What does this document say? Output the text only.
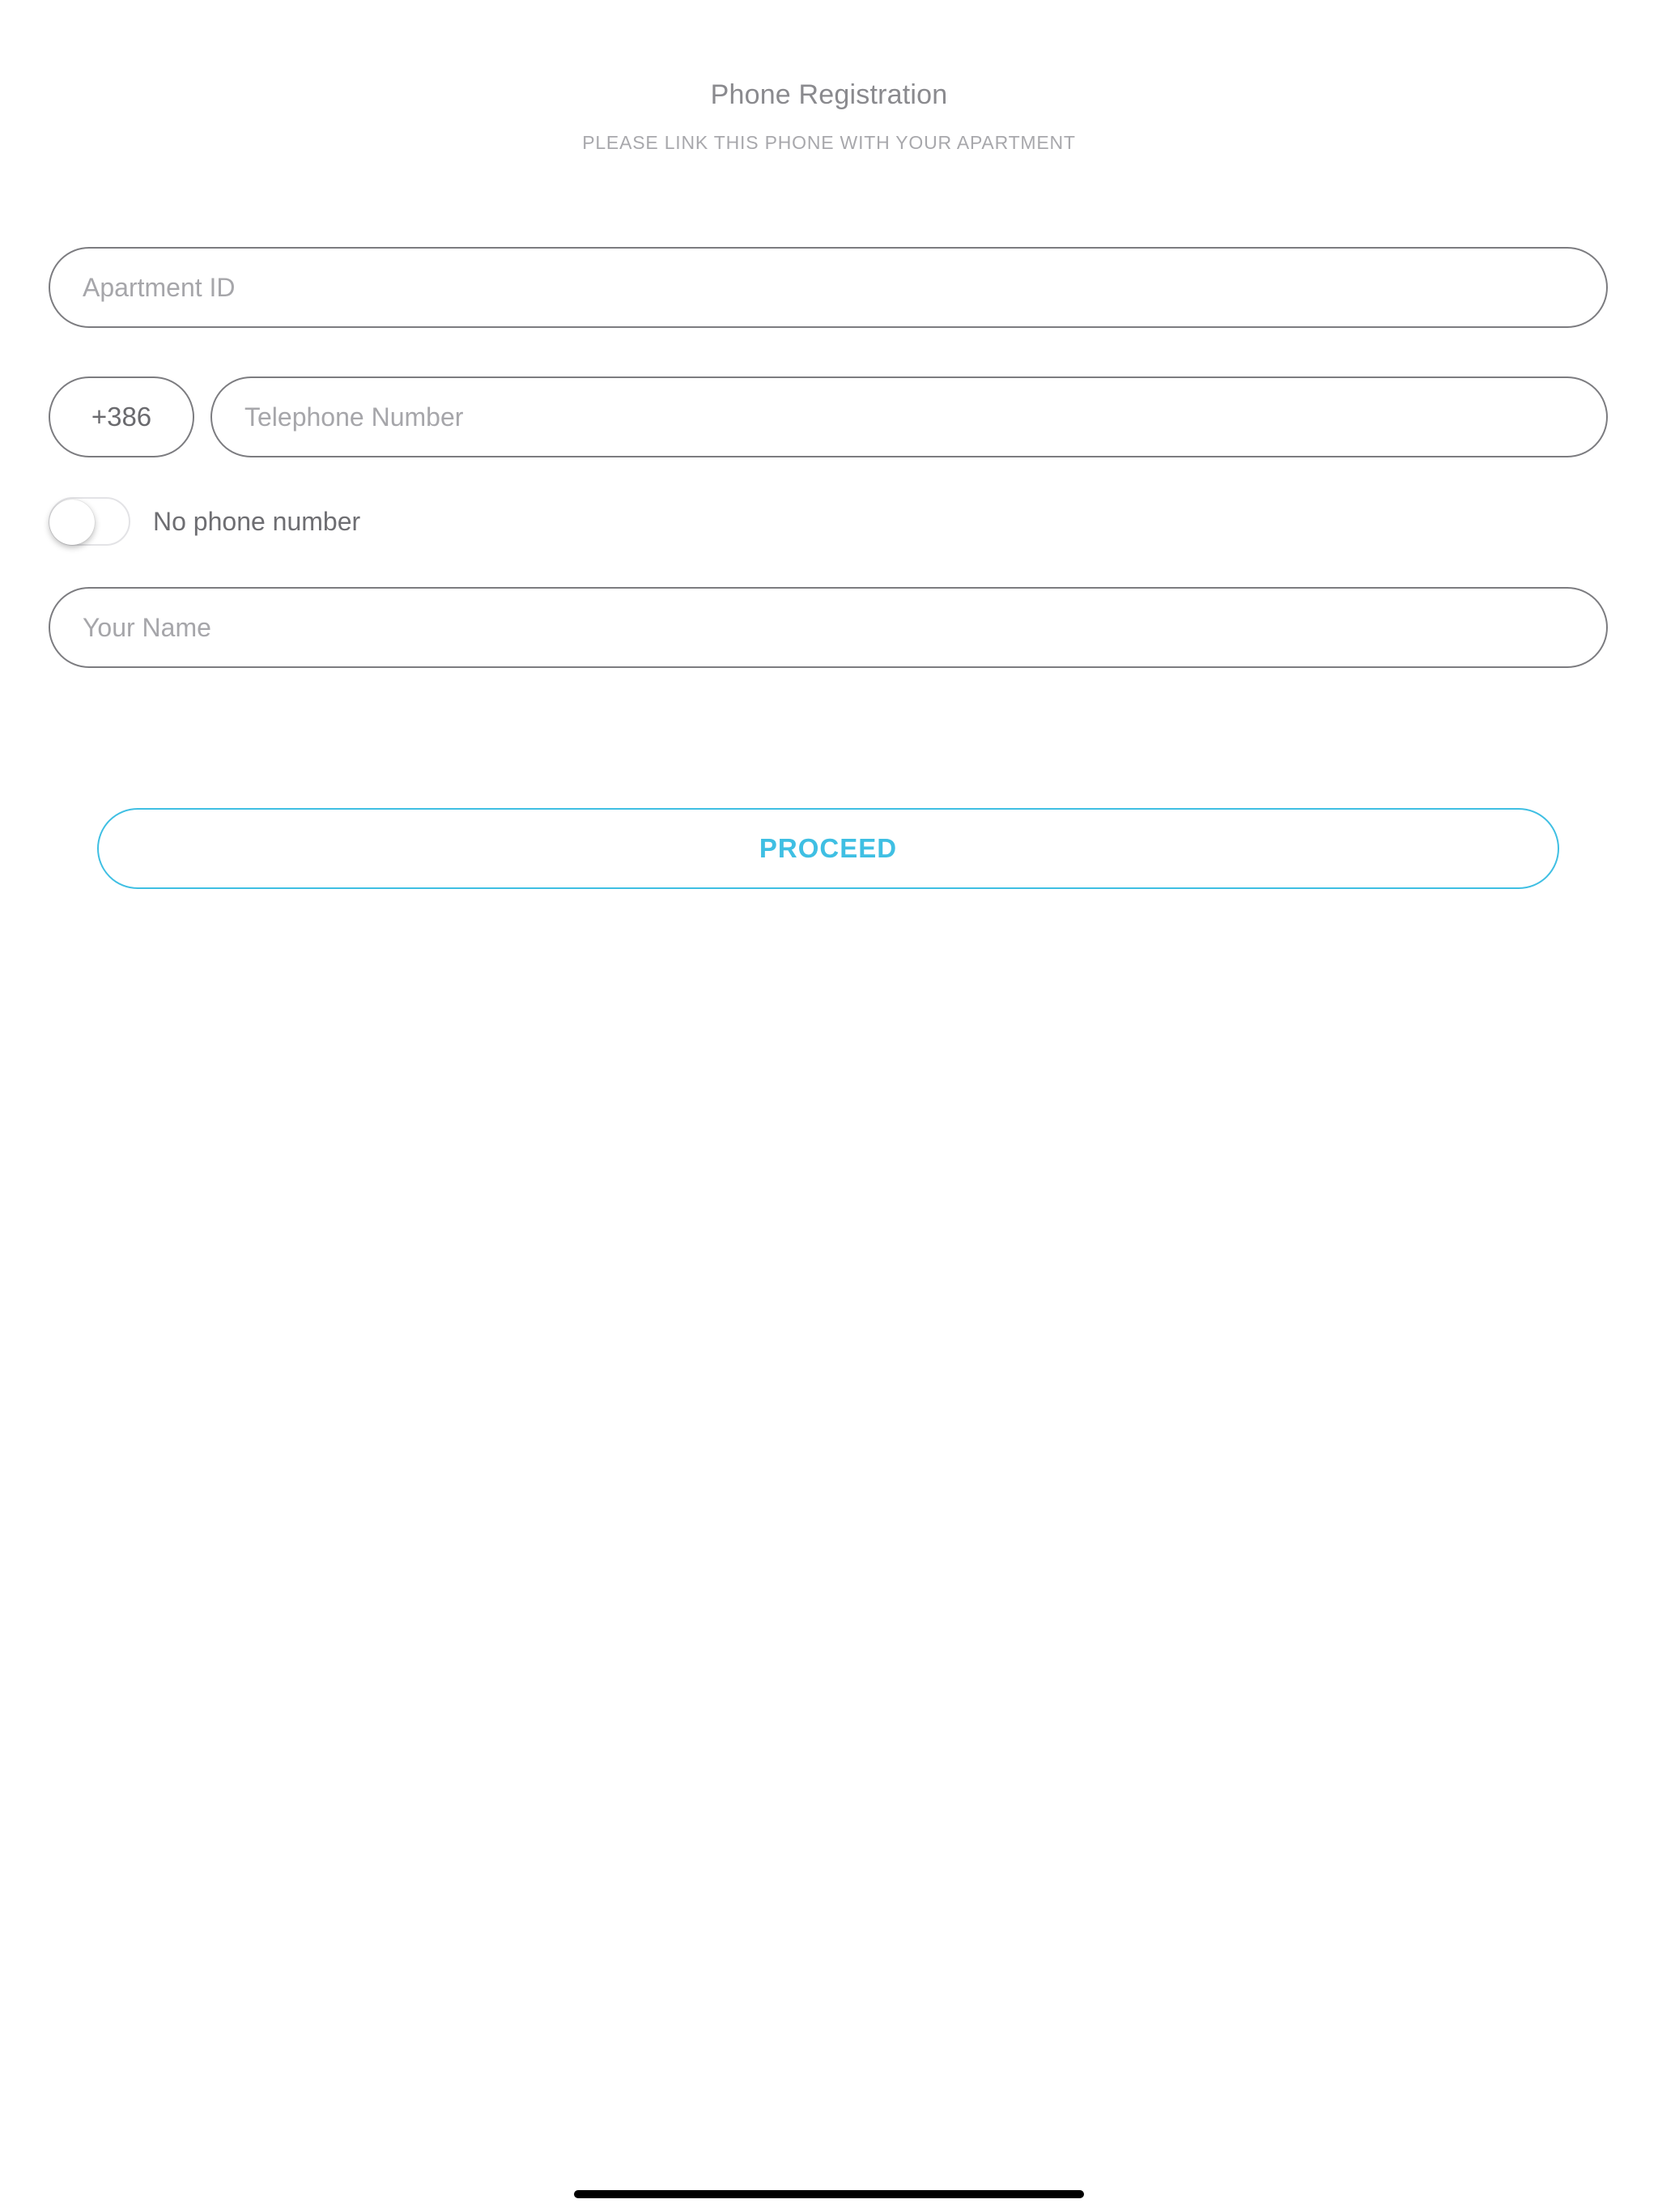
Phone Registration
PLEASE LINK THIS PHONE WITH YOUR APARTMENT
Apartment ID
+386
Telephone Number
No phone number
Your Name
PROCEED
